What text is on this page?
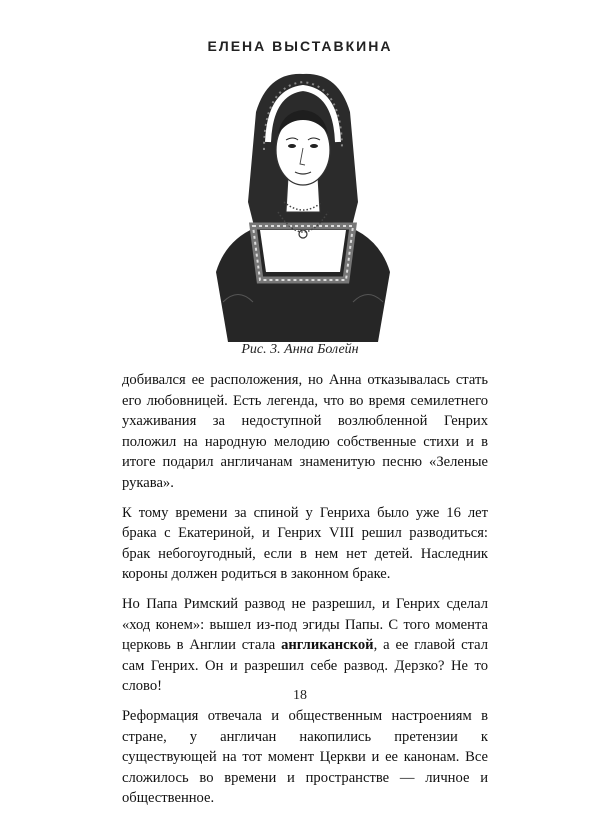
ЕЛЕНА ВЫСТАВКИНА
Рис. 3. Анна Болейн

добивался ее расположения, но Анна отказывалась стать его любовницей. Есть легенда, что во время семилетнего ухаживания за недоступной возлюбленной Генрих положил на народную мелодию собственные стихи и в итоге подарил англичанам знаменитую песню «Зеленые рукава».

К тому времени за спиной у Генриха было уже 16 лет брака с Екатериной, и Генрих VIII решил разводиться: брак небогоугодный, если в нем нет детей. Наследник короны должен родиться в законном браке.

Но Папа Римский развод не разрешил, и Генрих сделал «ход конем»: вышел из-под эгиды Папы. С того момента церковь в Англии стала англиканской, а ее главой стал сам Генрих. Он и разрешил себе развод. Дерзко? Не то слово!

Реформация отвечала и общественным настроениям в стране, у англичан накопились претензии к существующей на тот момент Церкви и ее канонам. Все сложилось во времени и пространстве — личное и общественное.

18
